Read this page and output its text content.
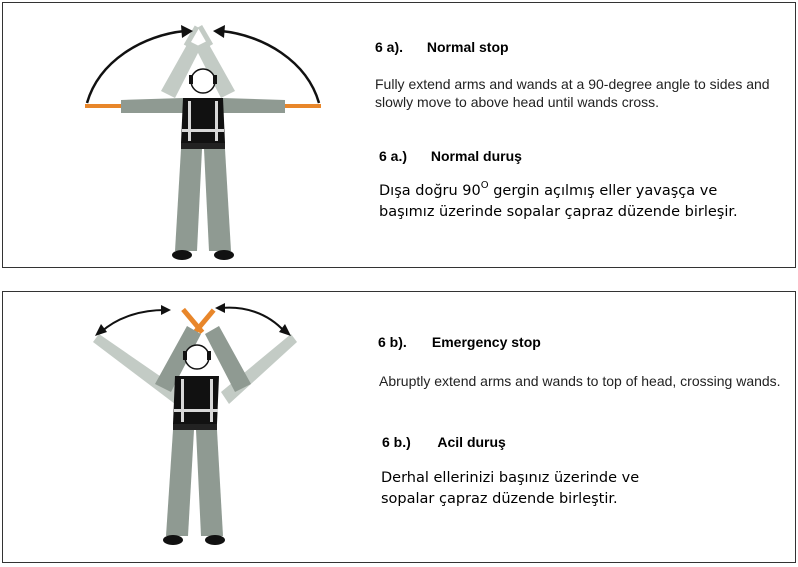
6 a). Normal stop
Fully extend arms and wands at a 90-degree angle to sides and slowly move to above head until wands cross.
6 a.) Normal duruş
Dışa doğru $90^O$ gergin açılmış eller yavaşça ve
başımız üzerinde sopalar çapraz düzende birleşir.
6 b). Emergency stop
Abruptly extend arms and wands to top of head, crossing wands.
6 b.) Acil duruş
Derhal ellerinizi başınız üzerinde ve
sopalar çapraz düzende birleştir.
